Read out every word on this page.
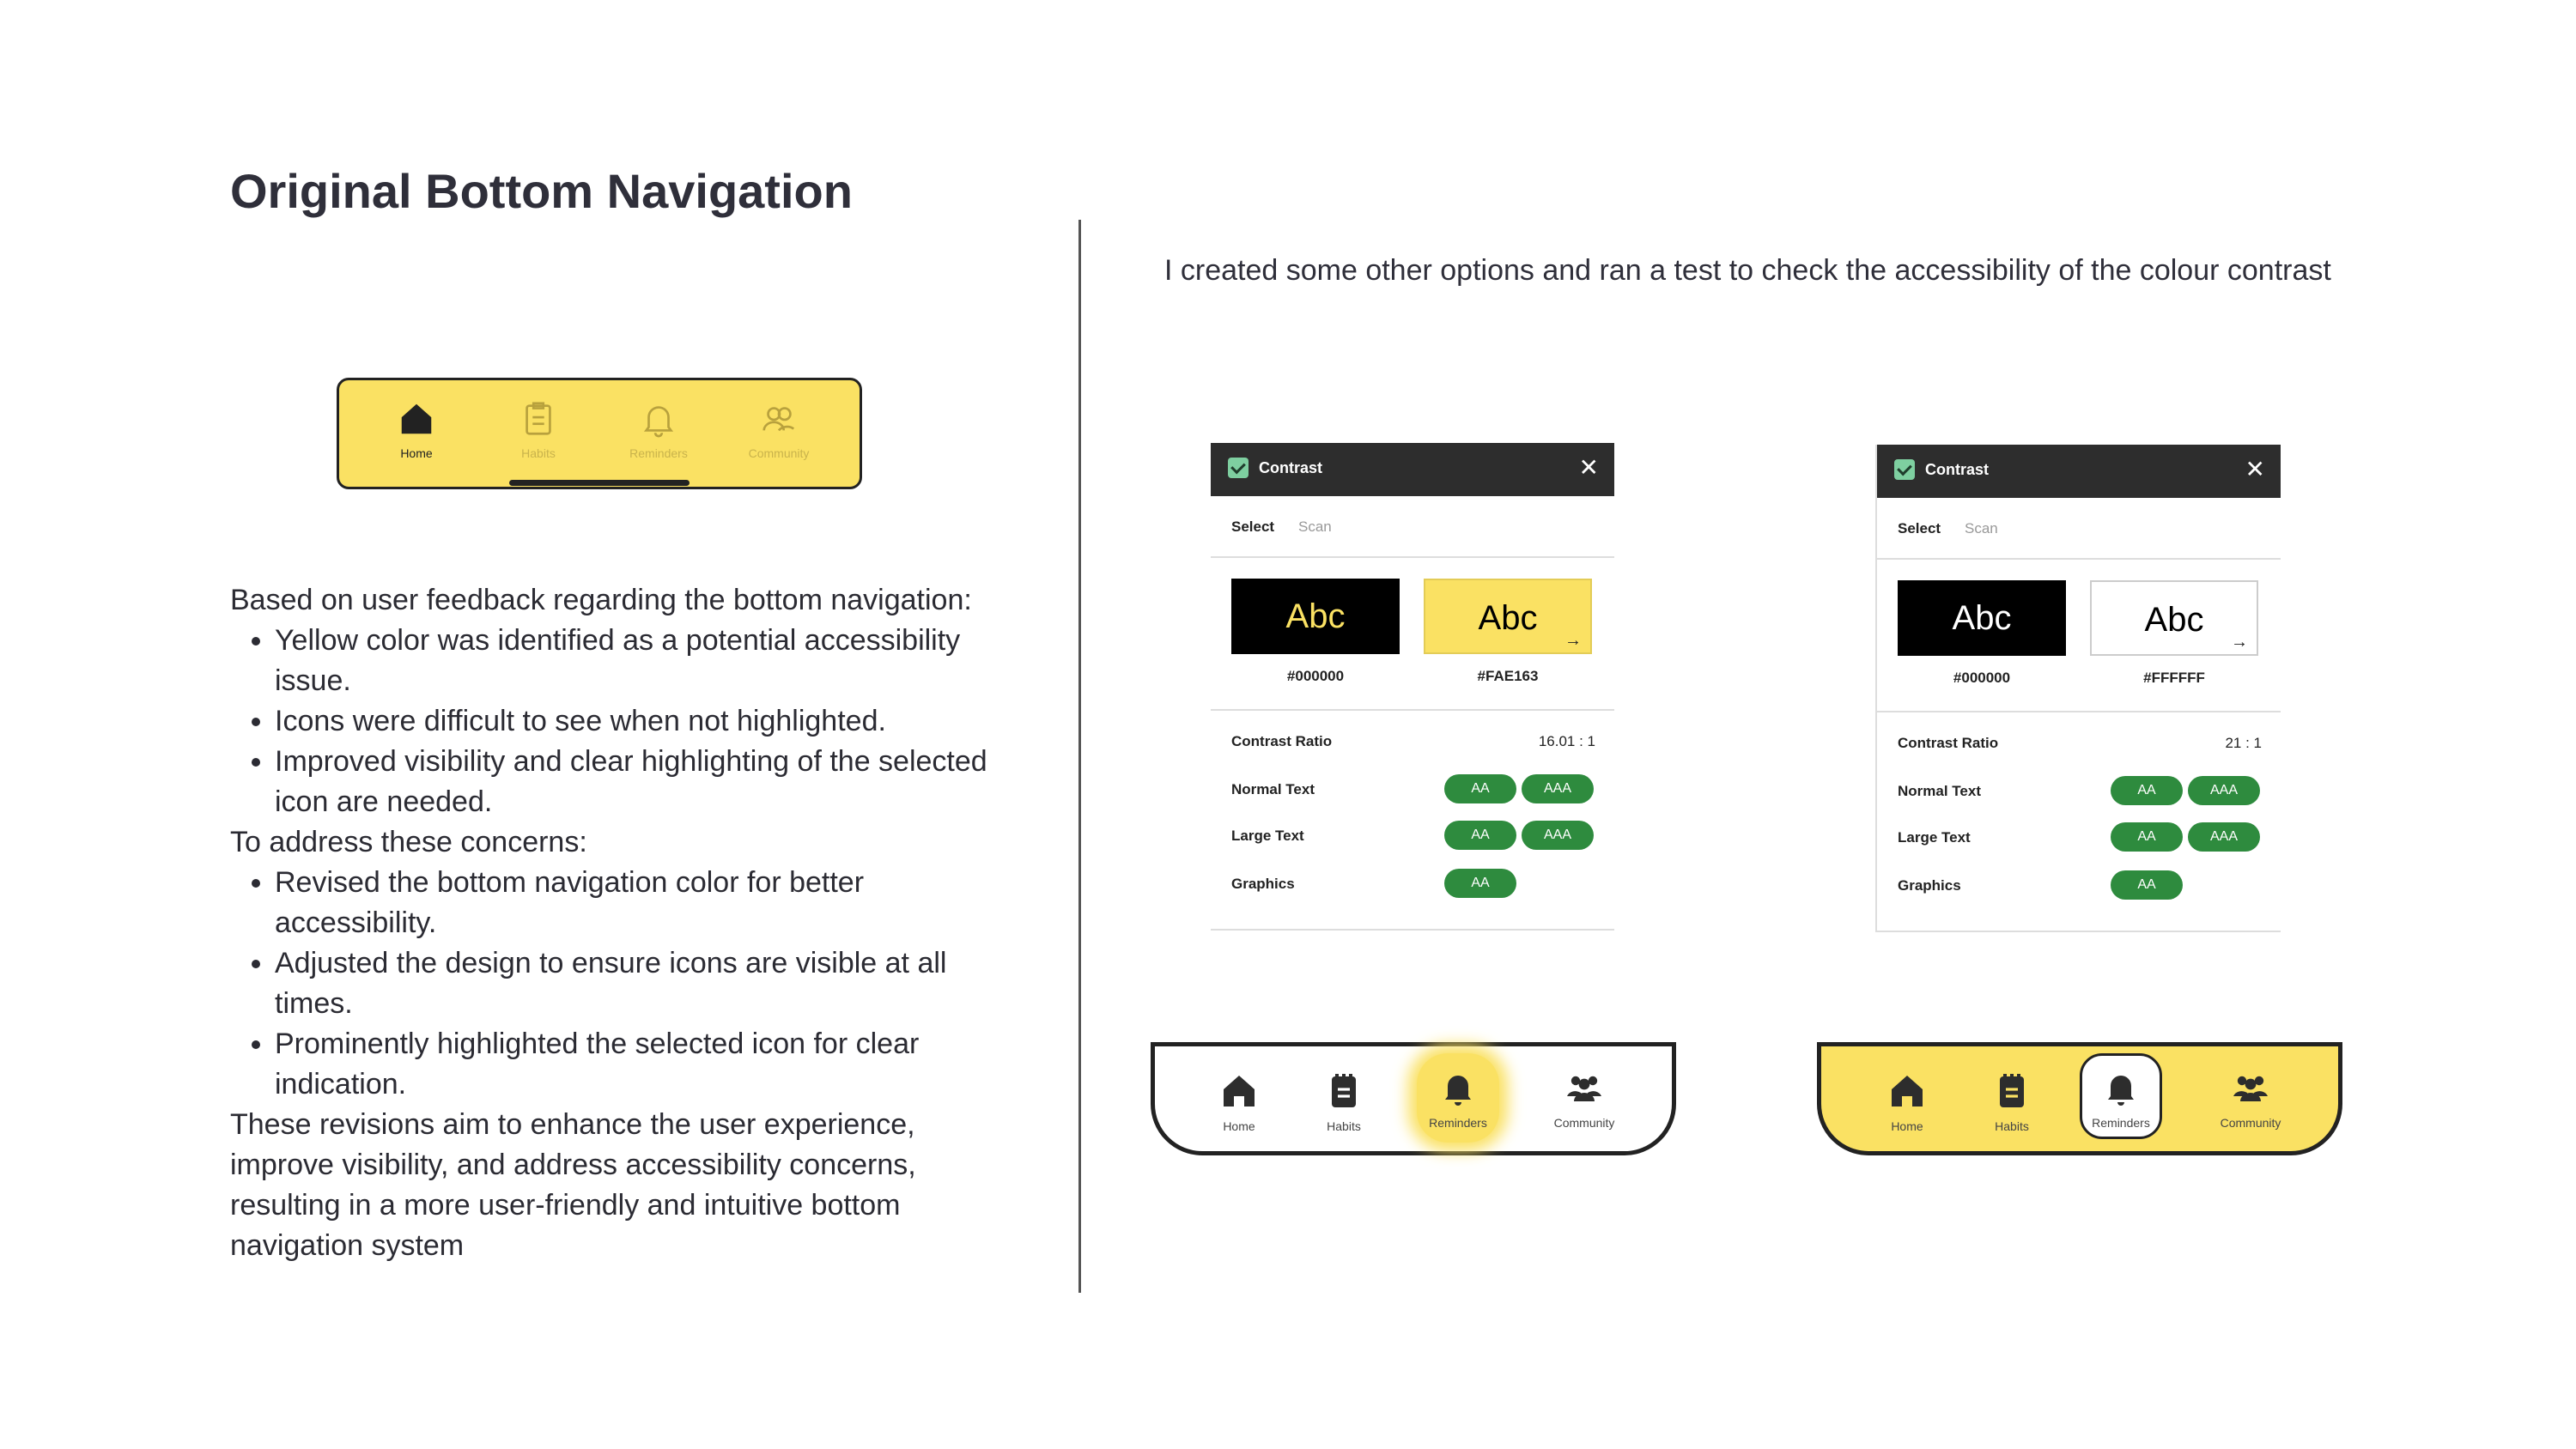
Original Bottom Navigation
I created some other options and ran a test to check the accessibility of the colour contrast
Home	Habits	Reminders	Community

Based on user feedback regarding the bottom navigation:

• Yellow color was identified as a potential accessibility issue.
• Icons were difficult to see when not highlighted.
• Improved visibility and clear highlighting of the selected icon are needed.

To address these concerns:

• Revised the bottom navigation color for better accessibility.
• Adjusted the design to ensure icons are visible at all times.
• Prominently highlighted the selected icon for clear indication.

These revisions aim to enhance the user experience, improve visibility, and address accessibility concerns, resulting in a more user-friendly and intuitive bottom navigation system

Contrast	✕
Select Scan
Abc
#000000
Abc
→
#FAE163
Contrast Ratio	16.01 : 1
Normal Text	AA	AAA
Large Text	AA	AAA
Graphics	AA
Contrast	✕
Select Scan
Abc
#000000
Abc
→
#FFFFFF
Contrast Ratio	21 : 1
Normal Text	AA	AAA
Large Text	AA	AAA
Graphics	AA
Home	Habits	Reminders	Community	Home	Habits	Reminders	Community
